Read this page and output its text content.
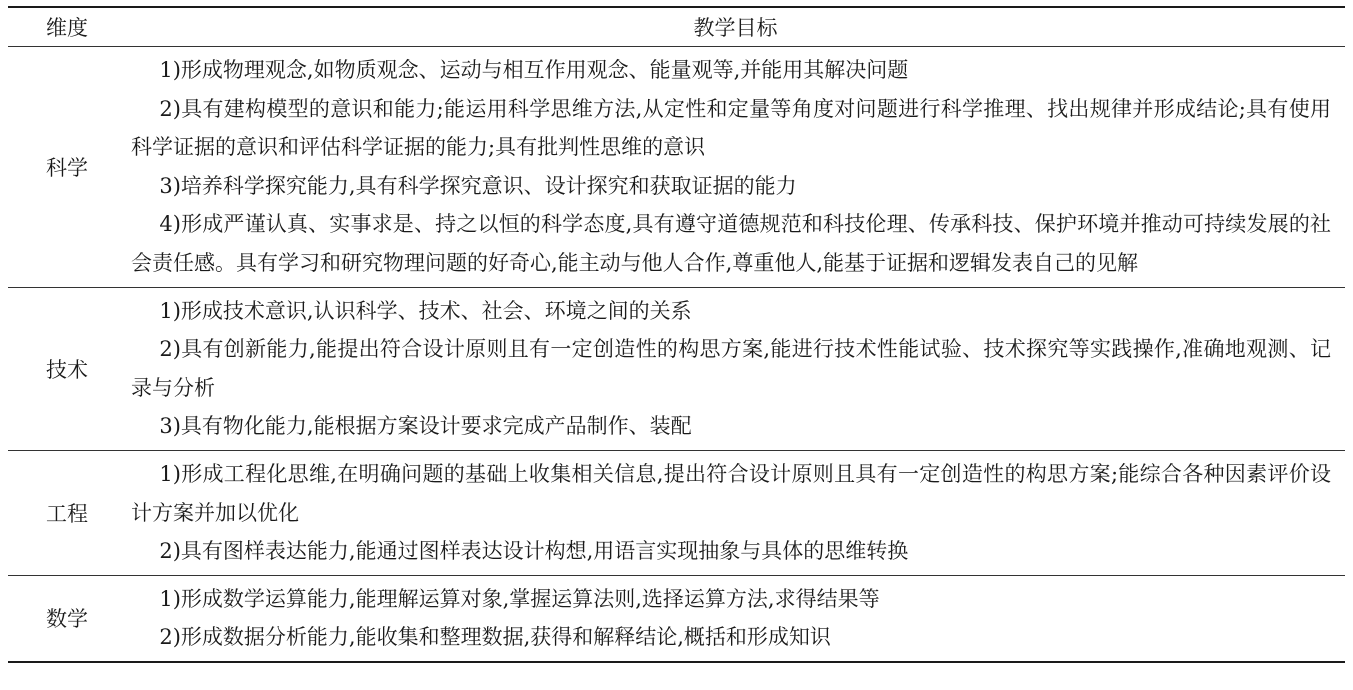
维度	教学目标
科学
1)形成物理观念,如物质观念、运动与相互作用观念、能量观等,并能用其解决问题
2)具有建构模型的意识和能力;能运用科学思维方法,从定性和定量等角度对问题进行科学推理、找出规律并形成结论;具有使用科学证据的意识和评估科学证据的能力;具有批判性思维的意识
3)培养科学探究能力,具有科学探究意识、设计探究和获取证据的能力
4)形成严谨认真、实事求是、持之以恒的科学态度,具有遵守道德规范和科技伦理、传承科技、保护环境并推动可持续发展的社会责任感。具有学习和研究物理问题的好奇心,能主动与他人合作,尊重他人,能基于证据和逻辑发表自己的见解
技术
1)形成技术意识,认识科学、技术、社会、环境之间的关系
2)具有创新能力,能提出符合设计原则且有一定创造性的构思方案,能进行技术性能试验、技术探究等实践操作,准确地观测、记录与分析
3)具有物化能力,能根据方案设计要求完成产品制作、装配
工程
1)形成工程化思维,在明确问题的基础上收集相关信息,提出符合设计原则且具有一定创造性的构思方案;能综合各种因素评价设计方案并加以优化
2)具有图样表达能力,能通过图样表达设计构想,用语言实现抽象与具体的思维转换
数学
1)形成数学运算能力,能理解运算对象,掌握运算法则,选择运算方法,求得结果等
2)形成数据分析能力,能收集和整理数据,获得和解释结论,概括和形成知识
